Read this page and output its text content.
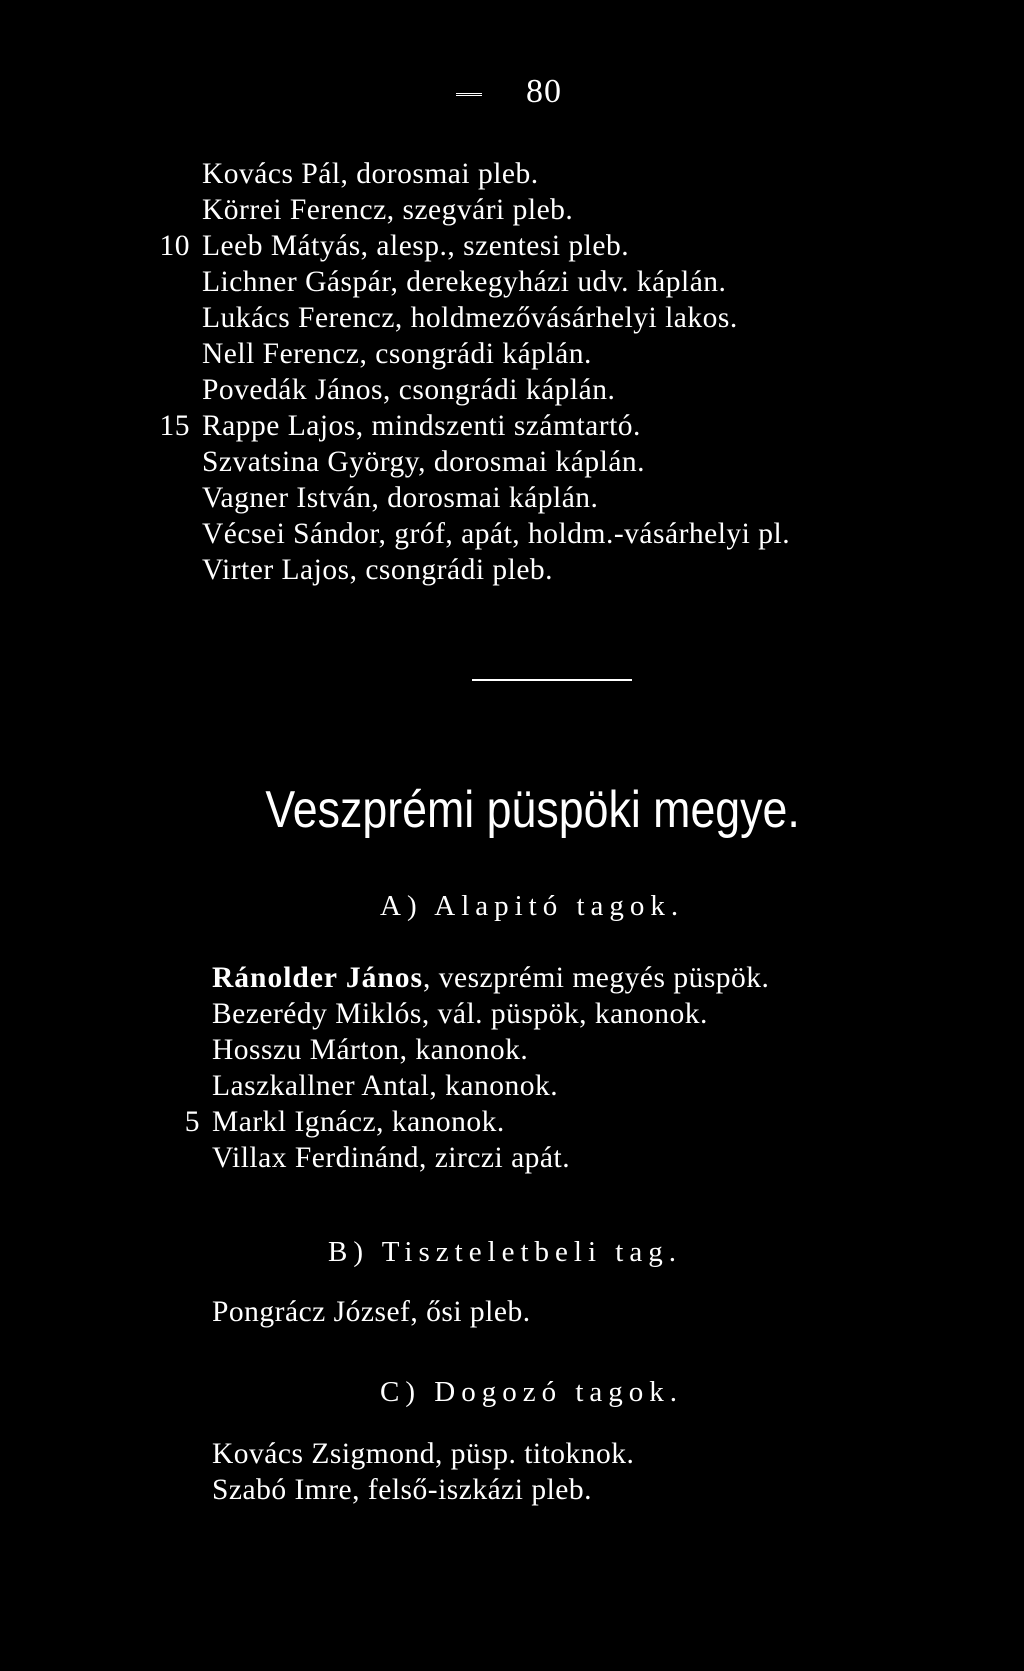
80
Kovács Pál, dorosmai pleb.
Körrei Ferencz, szegvári pleb.
10 Leeb Mátyás, alesp., szentesi pleb.
Lichner Gáspár, derekegyházi udv. káplán.
Lukács Ferencz, holdmezővásárhelyi lakos.
Nell Ferencz, csongrádi káplán.
Povedák János, csongrádi káplán.
15 Rappe Lajos, mindszenti számtartó.
Szvatsina György, dorosmai káplán.
Vagner István, dorosmai káplán.
Vécsei Sándor, gróf, apát, holdm.-vásárhelyi pl.
Virter Lajos, csongrádi pleb.
Veszprémi püspöki megye.
A) Alapitó tagok.
Ránolder János, veszprémi megyés püspök.
Bezerédy Miklós, vál. püspök, kanonok.
Hosszu Márton, kanonok.
Laszkallner Antal, kanonok.
5 Markl Ignácz, kanonok.
Villax Ferdinánd, zirczi apát.
B) Tiszteletbeli tag.
Pongrácz József, ősi pleb.
C) Dogozó tagok.
Kovács Zsigmond, püsp. titoknok.
Szabó Imre, felső-iszkázi pleb.
